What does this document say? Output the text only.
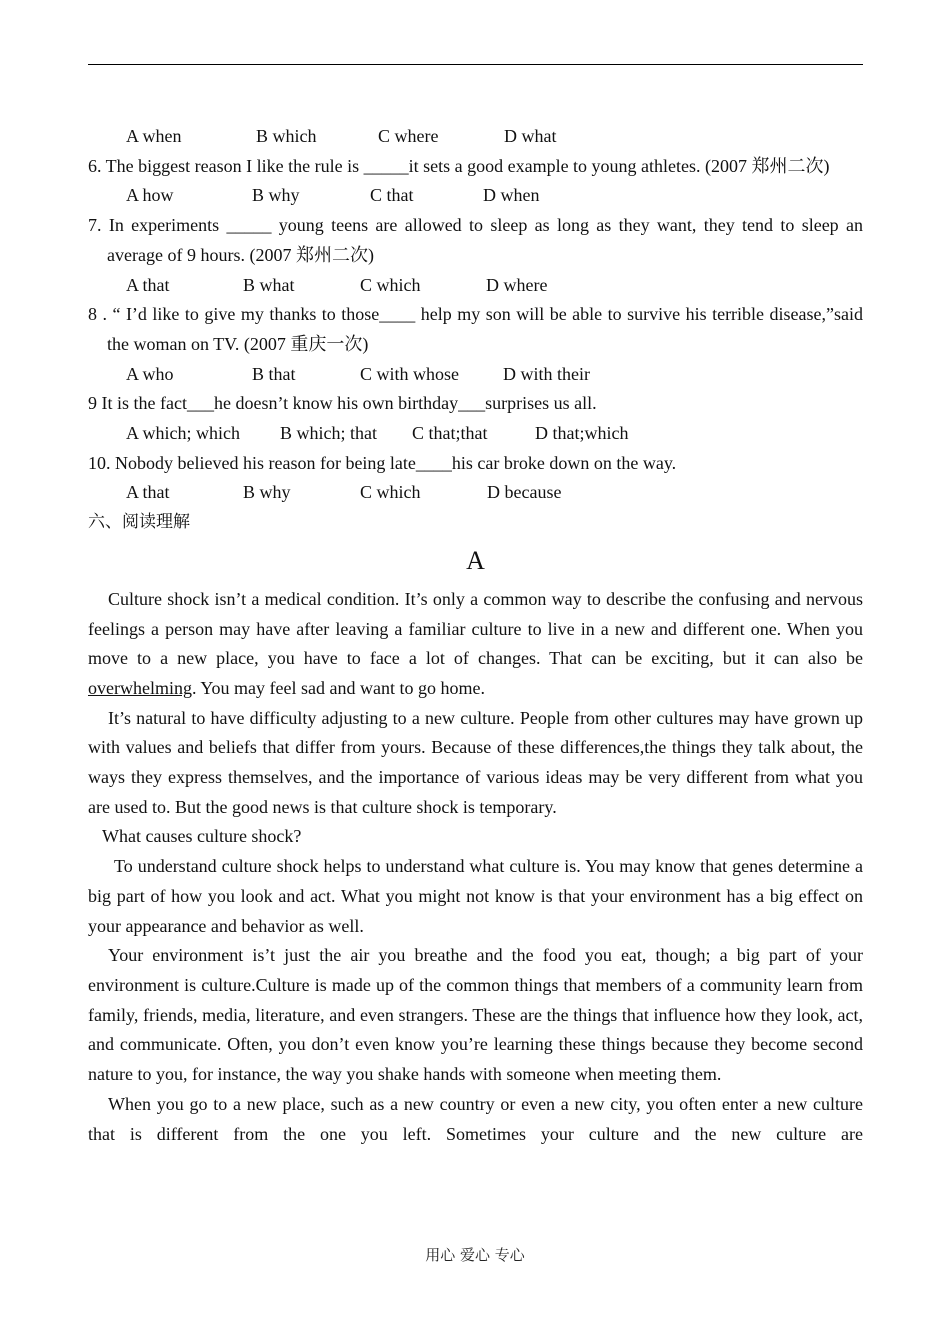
A when	B which	C where	D what

6. The biggest reason I like the rule is _____it sets a good example to young athletes. (2007 郑州二次)

A how	B why	C that	D when

7. In experiments _____ young teens are allowed to sleep as long as they want, they tend to sleep an average of 9 hours. (2007 郑州二次)

A that	B what	C which	D where

8 . “ I’d like to give my thanks to those____ help my son will be able to survive his terrible disease,”said the woman on TV. (2007 重庆一次)

A who	B that	C with whose D with their

9 It is the fact___he doesn’t know his own birthday___surprises us all.

A which; which B which; that C that;that	D that;which

10. Nobody believed his reason for being late____his car broke down on the way.

A that	B why	C which	D because

六、阅读理解

A

Culture shock isn’t a medical condition. It’s only a common way to describe the confusing and nervous feelings a person may have after leaving a familiar culture to live in a new and different one. When you move to a new place, you have to face a lot of changes. That can be exciting, but it can also be overwhelming. You may feel sad and want to go home.

It’s natural to have difficulty adjusting to a new culture. People from other cultures may have grown up with values and beliefs that differ from yours. Because of these differences,the things they talk about, the ways they express themselves, and the importance of various ideas may be very different from what you are used to. But the good news is that culture shock is temporary.

What causes culture shock?

To understand culture shock helps to understand what culture is. You may know that genes determine a big part of how you look and act. What you might not know is that your environment has a big effect on your appearance and behavior as well.

Your environment is’t just the air you breathe and the food you eat, though; a big part of your environment is culture.Culture is made up of the common things that members of a community learn from family, friends, media, literature, and even strangers. These are the things that influence how they look, act, and communicate. Often, you don’t even know you’re learning these things because they become second nature to you, for instance, the way you shake hands with someone when meeting them.

When you go to a new place, such as a new country or even a new city, you often enter a new culture that is different from the one you left. Sometimes your culture and the new culture are

用心 爱心 专心
